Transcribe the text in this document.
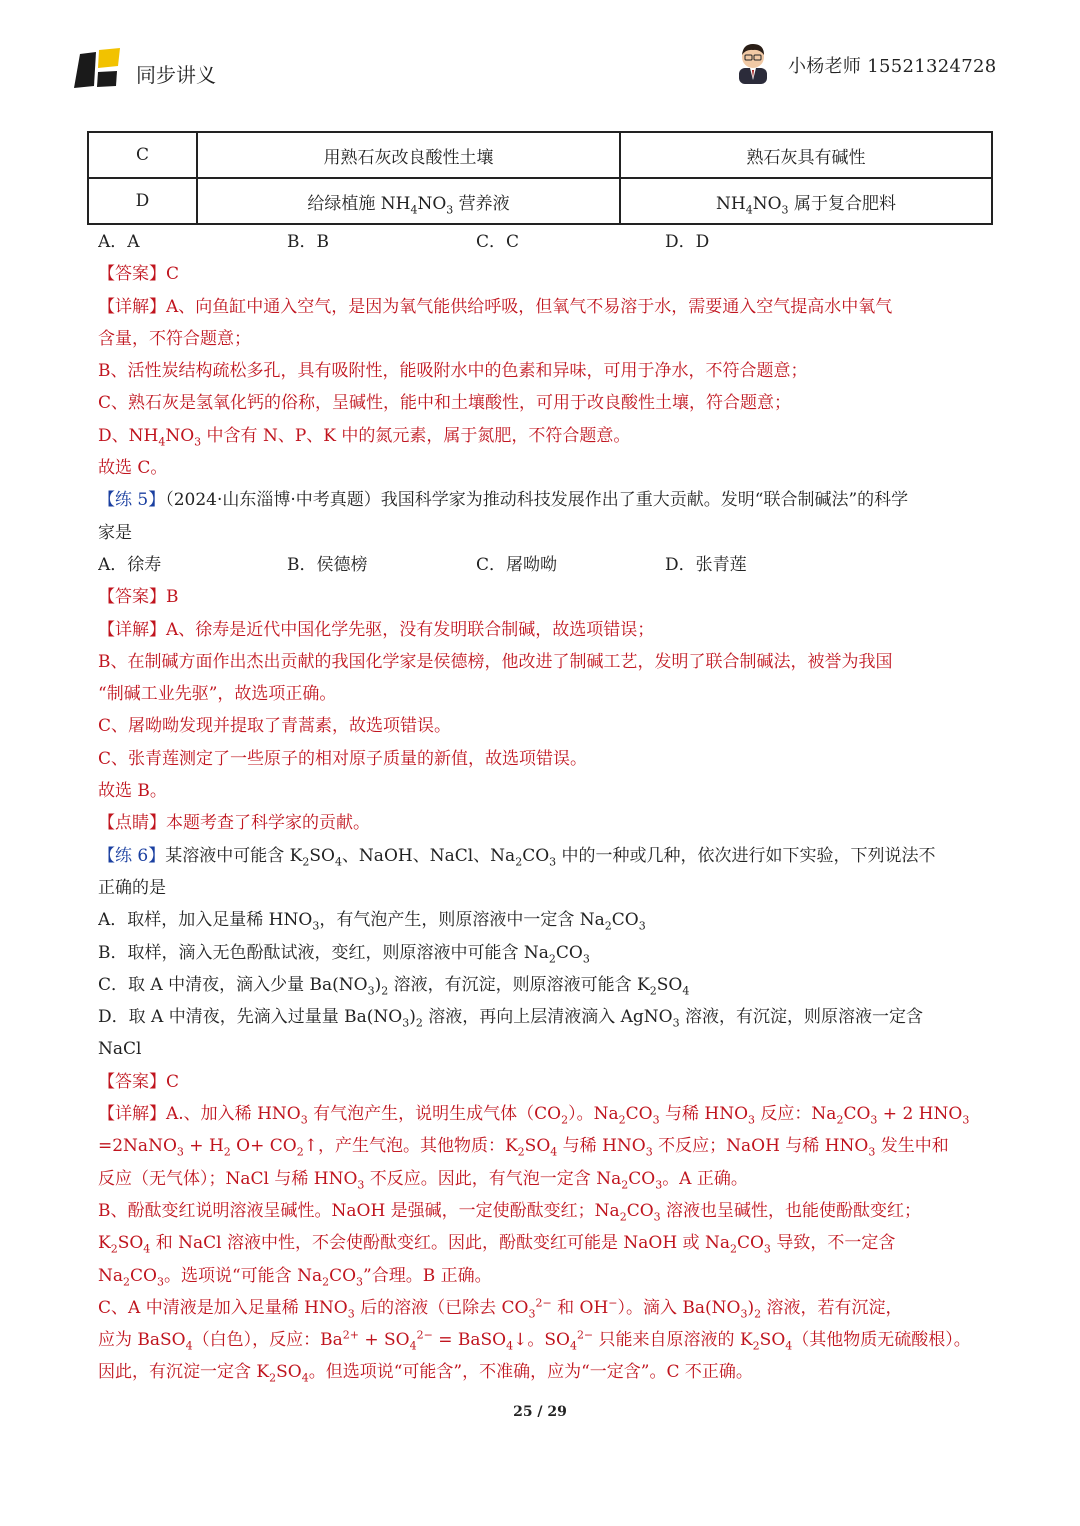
同步讲义	小杨老师 15521324728
C	用熟石灰改良酸性土壤	熟石灰具有碱性
D	给绿植施 $NH_4NO_3$ 营养液	$NH_4NO_3$ 属于复合肥料
A．A	B．B	C．C	D．D
【答案】C
【详解】A、向鱼缸中通入空气，是因为氧气能供给呼吸，但氧气不易溶于水，需要通入空气提高水中氧气
含量，不符合题意；
B、活性炭结构疏松多孔，具有吸附性，能吸附水中的色素和异味，可用于净水，不符合题意；
C、熟石灰是氢氧化钙的俗称，呈碱性，能中和土壤酸性，可用于改良酸性土壤，符合题意；
D、$NH_4NO_3$ 中含有 N、P、K 中的氮元素，属于氮肥，不符合题意。
故选 C。
【练 5】（2024·山东淄博·中考真题）我国科学家为推动科技发展作出了重大贡献。发明“联合制碱法”的科学
家是
A．徐寿	B．侯德榜	C．屠呦呦	D．张青莲
【答案】B
【详解】A、徐寿是近代中国化学先驱，没有发明联合制碱，故选项错误；
B、在制碱方面作出杰出贡献的我国化学家是侯德榜，他改进了制碱工艺，发明了联合制碱法，被誉为我国
“制碱工业先驱”，故选项正确。
C、屠呦呦发现并提取了青蒿素，故选项错误。
C、张青莲测定了一些原子的相对原子质量的新值，故选项错误。
故选 B。
【点睛】本题考查了科学家的贡献。
【练 6】某溶液中可能含 $K_2SO_4$、NaOH、NaCl、$Na_2CO_3$ 中的一种或几种，依次进行如下实验，下列说法不
正确的是
A．取样，加入足量稀 $HNO_3$，有气泡产生，则原溶液中一定含 $Na_2CO_3$
B．取样，滴入无色酚酞试液，变红，则原溶液中可能含 $Na_2CO_3$
C．取 A 中清夜，滴入少量 $Ba(NO_3)_2$ 溶液，有沉淀，则原溶液可能含 $K_2SO_4$
D．取 A 中清夜，先滴入过量量 $Ba(NO_3)_2$ 溶液，再向上层清液滴入 AgNO$_3$ 溶液，有沉淀，则原溶液一定含
NaCl
【答案】C
【详解】A.、加入稀 $HNO_3$ 有气泡产生，说明生成气体$(CO_2)$。$Na_2CO_3$ 与稀 $HNO_3$ 反应：$Na_2CO_3 + 2$ $HNO_3$
=2NaNO$_3$ + $H_2$ $O+ CO_2↑$，产生气泡。其他物质：$K_2SO_4$ 与稀 $HNO_3$ 不反应；NaOH 与稀 $HNO_3$ 发生中和
反应（无气体）；NaCl 与稀 $HNO_3$ 不反应。因此，有气泡一定含 $Na_2CO_3$。A 正确。
B、酚酞变红说明溶液呈碱性。NaOH 是强碱，一定使酚酞变红；$Na_2CO_3$ 溶液也呈碱性，也能使酚酞变红；
$K_2SO_4$ 和 NaCl 溶液中性，不会使酚酞变红。因此，酚酞变红可能是 NaOH 或 $Na_2CO_3$ 导致，不一定含
$Na_2CO_3$。选项说“可能含 $Na_2CO_3$”合理。B 正确。
C、A 中清液是加入足量稀 $HNO_3$ 后的溶液（已除去 $CO_3^{2-}$ 和 OH−）。滴入 $Ba(NO_3)_2$ 溶液，若有沉淀，
应为 BaSO$_4$（白色），反应：$Ba^{2+} + SO_4^{2-}$ = BaSO$_4$↓。$SO_4^{2-}$ 只能来自原溶液的 $K_2SO_4$（其他物质无硫酸根）。
因此，有沉淀一定含 $K_2SO_4$。但选项说“可能含”，不准确，应为“一定含”。C 不正确。
25 / 29
